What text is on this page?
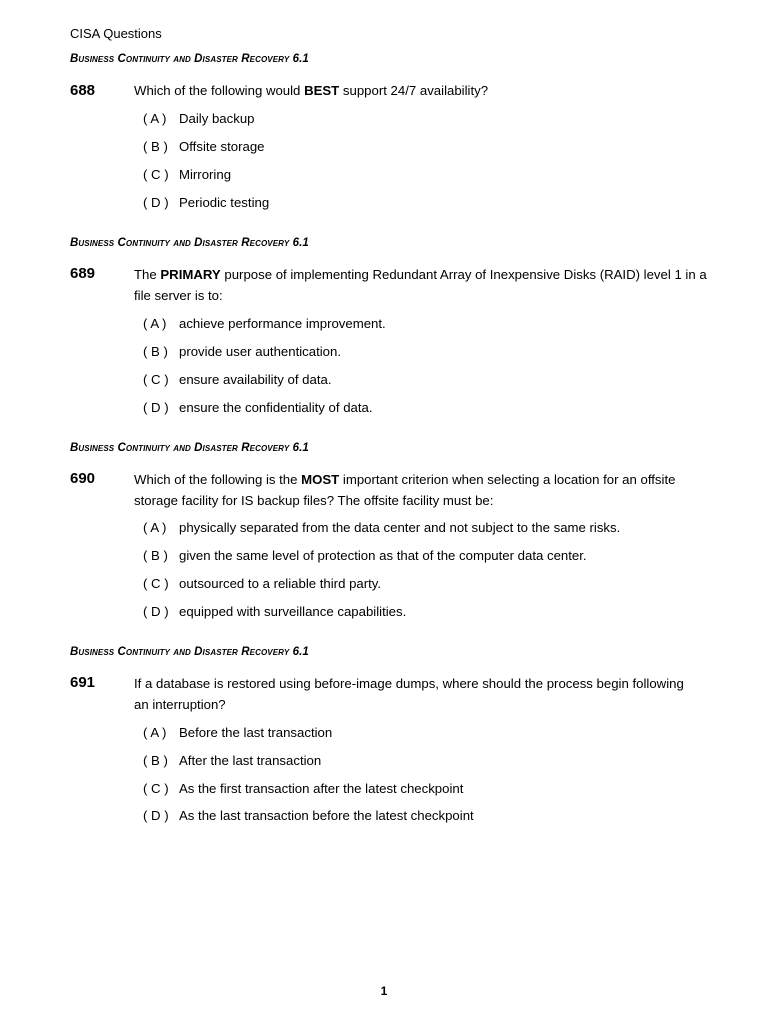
CISA Questions
Business Continuity and Disaster Recovery 6.1
688	Which of the following would BEST support 24/7 availability?
( A ) Daily backup
( B ) Offsite storage
( C ) Mirroring
( D ) Periodic testing
Business Continuity and Disaster Recovery 6.1
689	The PRIMARY purpose of implementing Redundant Array of Inexpensive Disks (RAID) level 1 in a file server is to:
( A ) achieve performance improvement.
( B ) provide user authentication.
( C ) ensure availability of data.
( D ) ensure the confidentiality of data.
Business Continuity and Disaster Recovery 6.1
690	Which of the following is the MOST important criterion when selecting a location for an offsite storage facility for IS backup files? The offsite facility must be:
( A ) physically separated from the data center and not subject to the same risks.
( B ) given the same level of protection as that of the computer data center.
( C ) outsourced to a reliable third party.
( D ) equipped with surveillance capabilities.
Business Continuity and Disaster Recovery 6.1
691	If a database is restored using before-image dumps, where should the process begin following an interruption?
( A ) Before the last transaction
( B ) After the last transaction
( C ) As the first transaction after the latest checkpoint
( D ) As the last transaction before the latest checkpoint
1
